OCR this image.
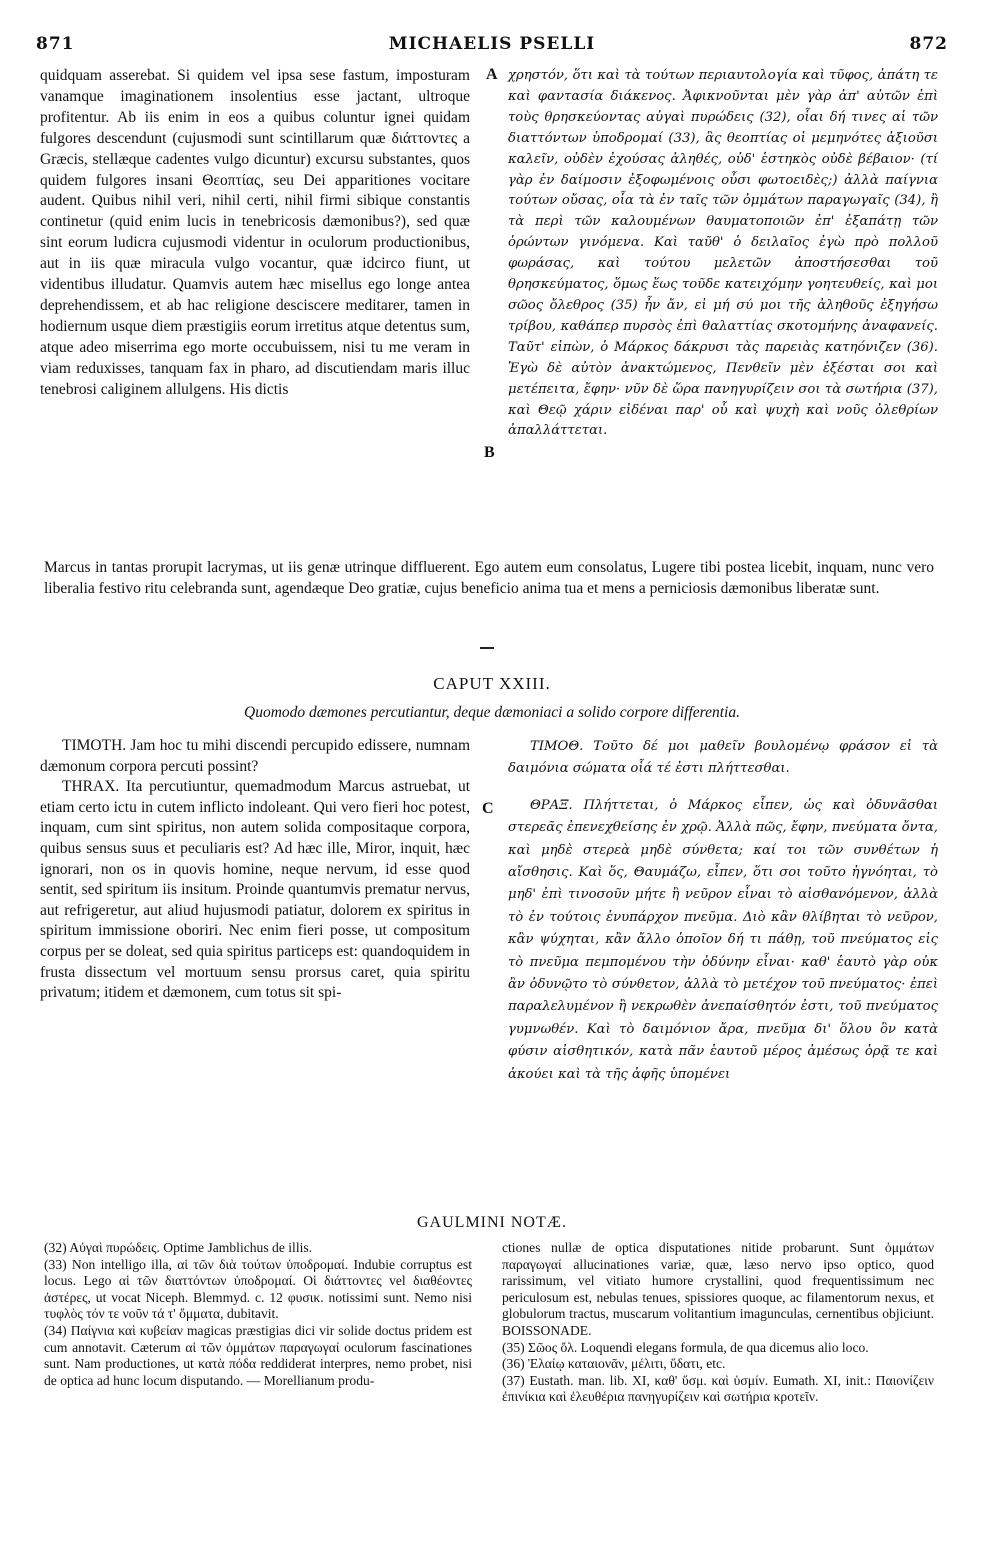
871	MICHAELIS PSELLI	872

quidquam asserebat. Si quidem vel ipsa sese fastum, imposturam vanamque imaginationem insolentius esse jactant, ultroque profitentur. Ab iis enim in eos a quibus coluntur ignei quidam fulgores descendunt (cujusmodi sunt scintillarum quæ διάττοντες a Græcis, stellæque cadentes vulgo dicuntur) excursu substantes, quos quidem fulgores insani Θεοπτίας, seu Dei apparitiones vocitare audent. Quibus nihil veri, nihil certi, nihil firmi sibique constantis continetur (quid enim lucis in tenebricosis dæmonibus?), sed quæ sint eorum ludicra cujusmodi videntur in oculorum productionibus, aut in iis quæ miracula vulgo vocantur, quæ idcirco fiunt, ut videntibus illudatur. Quamvis autem hæc misellus ego longe antea deprehendissem, et ab hac religione desciscere meditarer, tamen in hodiernum usque diem præstigiis eorum irretitus atque detentus sum, atque adeo miserrima ego morte occubuissem, nisi tu me veram in viam reduxisses, tanquam fax in pharo, ad discutiendam maris illuc tenebrosi caliginem allulgens. His dictis

A
B

χρηστόν, ὅτι καὶ τὰ τούτων περιαυτολογία καὶ τῦφος, ἀπάτη τε καὶ φαντασία διάκενος. Ἀφικνοῦνται μὲν γὰρ ἀπ' αὐτῶν ἐπὶ τοὺς θρησκεύοντας αὐγαὶ πυρώδεις (32), οἷαι δή τινες αἱ τῶν διαττόντων ὑποδρομαί (33), ἃς θεοπτίας οἱ μεμηνότες ἀξιοῦσι καλεῖν, οὐδὲν ἐχούσας ἀληθές, οὐδ' ἑστηκὸς οὐδὲ βέβαιον· (τί γὰρ ἐν δαίμοσιν ἐξοφωμένοις οὖσι φωτοειδὲς;) ἀλλὰ παίγνια τούτων οὔσας, οἷα τὰ ἐν ταῖς τῶν ὀμμάτων παραγωγαῖς (34), ἢ τὰ περὶ τῶν καλουμένων θαυματοποιῶν ἐπ' ἐξαπάτῃ τῶν ὁρώντων γινόμενα. Καὶ ταῦθ' ὁ δειλαῖος ἐγὼ πρὸ πολλοῦ φωράσας, καὶ τούτου μελετῶν ἀποστήσεσθαι τοῦ θρησκεύματος, ὅμως ἕως τοῦδε κατειχόμην γοητευθείς, καὶ μοι σῶος ὄλεθρος (35) ἦν ἄν, εἰ μή σύ μοι τῆς ἀληθοῦς ἐξηγήσω τρίβου, καθάπερ πυρσὸς ἐπὶ θαλαττίας σκοτομήνης ἀναφανείς. Ταῦτ' εἰπὼν, ὁ Μάρκος δάκρυσι τὰς παρειὰς κατηόνιζεν (36). Ἐγὼ δὲ αὐτὸν ἀνακτώμενος, Πενθεῖν μὲν ἐξέσται σοι καὶ μετέπειτα, ἔφην· νῦν δὲ ὥρα πανηγυρίζειν σοι τὰ σωτήρια (37), καὶ Θεῷ χάριν εἰδέναι παρ' οὗ καὶ ψυχὴ καὶ νοῦς ὀλεθρίων ἀπαλλάττεται.

Marcus in tantas prorupit lacrymas, ut iis genæ utrinque diffluerent. Ego autem eum consolatus, Lugere tibi postea licebit, inquam, nunc vero liberalia festivo ritu celebranda sunt, agendæque Deo gratiæ, cujus beneficio anima tua et mens a perniciosis dæmonibus liberatæ sunt.
CAPUT XXIII.
Quomodo dæmones percutiantur, deque dæmoniaci a solido corpore differentia.

TIMOTH. Jam hoc tu mihi discendi percupido edissere, numnam dæmonum corpora percuti possint?

THRAX. Ita percutiuntur, quemadmodum Marcus astruebat, ut etiam certo ictu in cutem inflicto indoleant. Qui vero fieri hoc potest, inquam, cum sint spiritus, non autem solida compositaque corpora, quibus sensus suus et peculiaris est? Ad hæc ille, Miror, inquit, hæc ignorari, non os in quovis homine, neque nervum, id esse quod sentit, sed spiritum iis insitum. Proinde quantumvis prematur nervus, aut refrigeretur, aut aliud hujusmodi patiatur, dolorem ex spiritus in spiritum immissione oboriri. Nec enim fieri posse, ut compositum corpus per se doleat, sed quia spiritus particeps est: quandoquidem in frusta dissectum vel mortuum sensu prorsus caret, quia spiritu privatum; itidem et dæmonem, cum totus sit spi-

C

ΤΙΜΟΘ. Τοῦτο δέ μοι μαθεῖν βουλομένῳ φράσον εἰ τὰ δαιμόνια σώματα οἷά τέ ἐστι πλήττεσθαι.

ΘΡΑΞ. Πλήττεται, ὁ Μάρκος εἶπεν, ὡς καὶ ὀδυνᾶσθαι στερεᾶς ἐπενεχθείσης ἐν χρῷ. Ἀλλὰ πῶς, ἔφην, πνεύματα ὄντα, καὶ μηδὲ στερεὰ μηδὲ σύνθετα; καί τοι τῶν συνθέτων ἡ αἴσθησις. Καὶ ὅς, Θαυμάζω, εἶπεν, ὅτι σοι τοῦτο ἠγνόηται, τὸ μηδ' ἐπὶ τινοσοῦν μήτε ἢ νεῦρον εἶναι τὸ αἰσθανόμενον, ἀλλὰ τὸ ἐν τούτοις ἐνυπάρχον πνεῦμα. Διὸ κἂν θλίβηται τὸ νεῦρον, κἂν ψύχηται, κἂν ἄλλο ὁποῖον δή τι πάθῃ, τοῦ πνεύματος εἰς τὸ πνεῦμα πεμπομένου τὴν ὀδύνην εἶναι· καθ' ἑαυτὸ γὰρ οὐκ ἂν ὀδυνῷτο τὸ σύνθετον, ἀλλὰ τὸ μετέχον τοῦ πνεύματος· ἐπεὶ παραλελυμένον ἢ νεκρωθὲν ἀνεπαίσθητόν ἐστι, τοῦ πνεύματος γυμνωθέν. Καὶ τὸ δαιμόνιον ἄρα, πνεῦμα δι' ὅλου ὂν κατὰ φύσιν αἰσθητικόν, κατὰ πᾶν ἑαυτοῦ μέρος ἀμέσως ὁρᾷ τε καὶ ἀκούει καὶ τὰ τῆς ἀφῆς ὑπομένει

GAULMINI NOTÆ.

(32) Αὐγαὶ πυρώδεις. Optime Jamblichus de illis.

(33) Non intelligo illa, αἱ τῶν διὰ τούτων ὑποδρομαί. Indubie corruptus est locus. Lego αἱ τῶν διαττόντων ὑποδρομαί. Οἱ διάττοντες vel διαθέοντες ἀστέρες, ut vocat Niceph. Blemmyd. c. 12 φυσικ. notissimi sunt. Nemo nisi τυφλὸς τόν τε νοῦν τά τ' ὄμματα, dubitavit.

(34) Παίγνια καὶ κυβείαν magicas præstigias dici vir solide doctus pridem est cum annotavit. Cæterum αἱ τῶν ὀμμάτων παραγωγαί oculorum fascinationes sunt. Nam productiones, ut κατὰ πόδα reddiderat interpres, nemo probet, nisi de optica ad hunc locum disputando. — Morellianum produ-

ctiones nullæ de optica disputationes nitide probarunt. Sunt ὀμμάτων παραγωγαί allucinationes variæ, quæ, læso nervo ipso optico, quod rarissimum, vel vitiato humore crystallini, quod frequentissimum nec periculosum est, nebulas tenues, spissiores quoque, ac filamentorum nexus, et globulorum tractus, muscarum volitantium imagunculas, cernentibus objiciunt. BOISSONADE.

(35) Σῶος ὄλ. Loquendi elegans formula, de qua dicemus alio loco.

(36) Ἐλαίῳ καταιονᾶν, μέλιτι, ὕδατι, etc.

(37) Eustath. man. lib. XI, καθ' ὕσμ. καὶ ὑσμίν. Eumath. XI, init.: Παιονίζειν ἐπινίκια καὶ ἐλευθέρια πανηγυρίζειν καὶ σωτήρια κροτεῖν.
